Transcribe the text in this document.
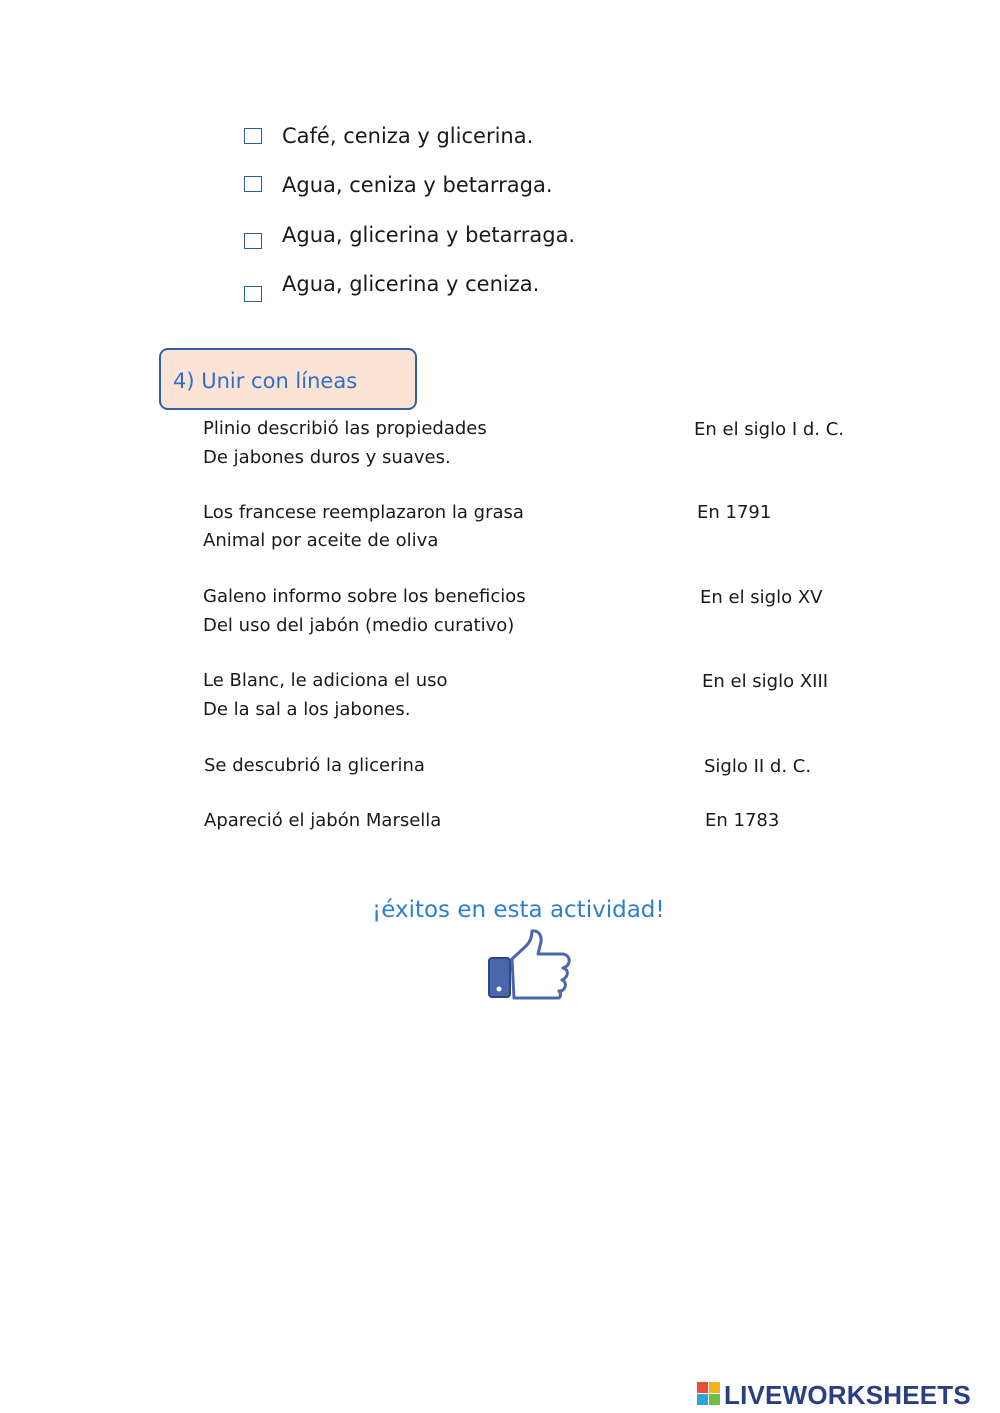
Café, ceniza y glicerina.
Agua, ceniza y betarraga.
Agua, glicerina y betarraga.
Agua, glicerina y ceniza.
4) Unir con líneas
Plinio describió las propiedades
De jabones duros y suaves.
Los francese reemplazaron la grasa
Animal por aceite de oliva
Galeno informo sobre los beneficios
Del uso del jabón (medio curativo)
Le Blanc, le adiciona el uso
De la sal a los jabones.
Se descubrió la glicerina
Apareció el jabón Marsella
En el siglo I d. C.
En 1791
En el siglo XV
En el siglo XIII
Siglo II d. C.
En 1783
¡éxitos en esta actividad!
LIVEWORKSHEETS
